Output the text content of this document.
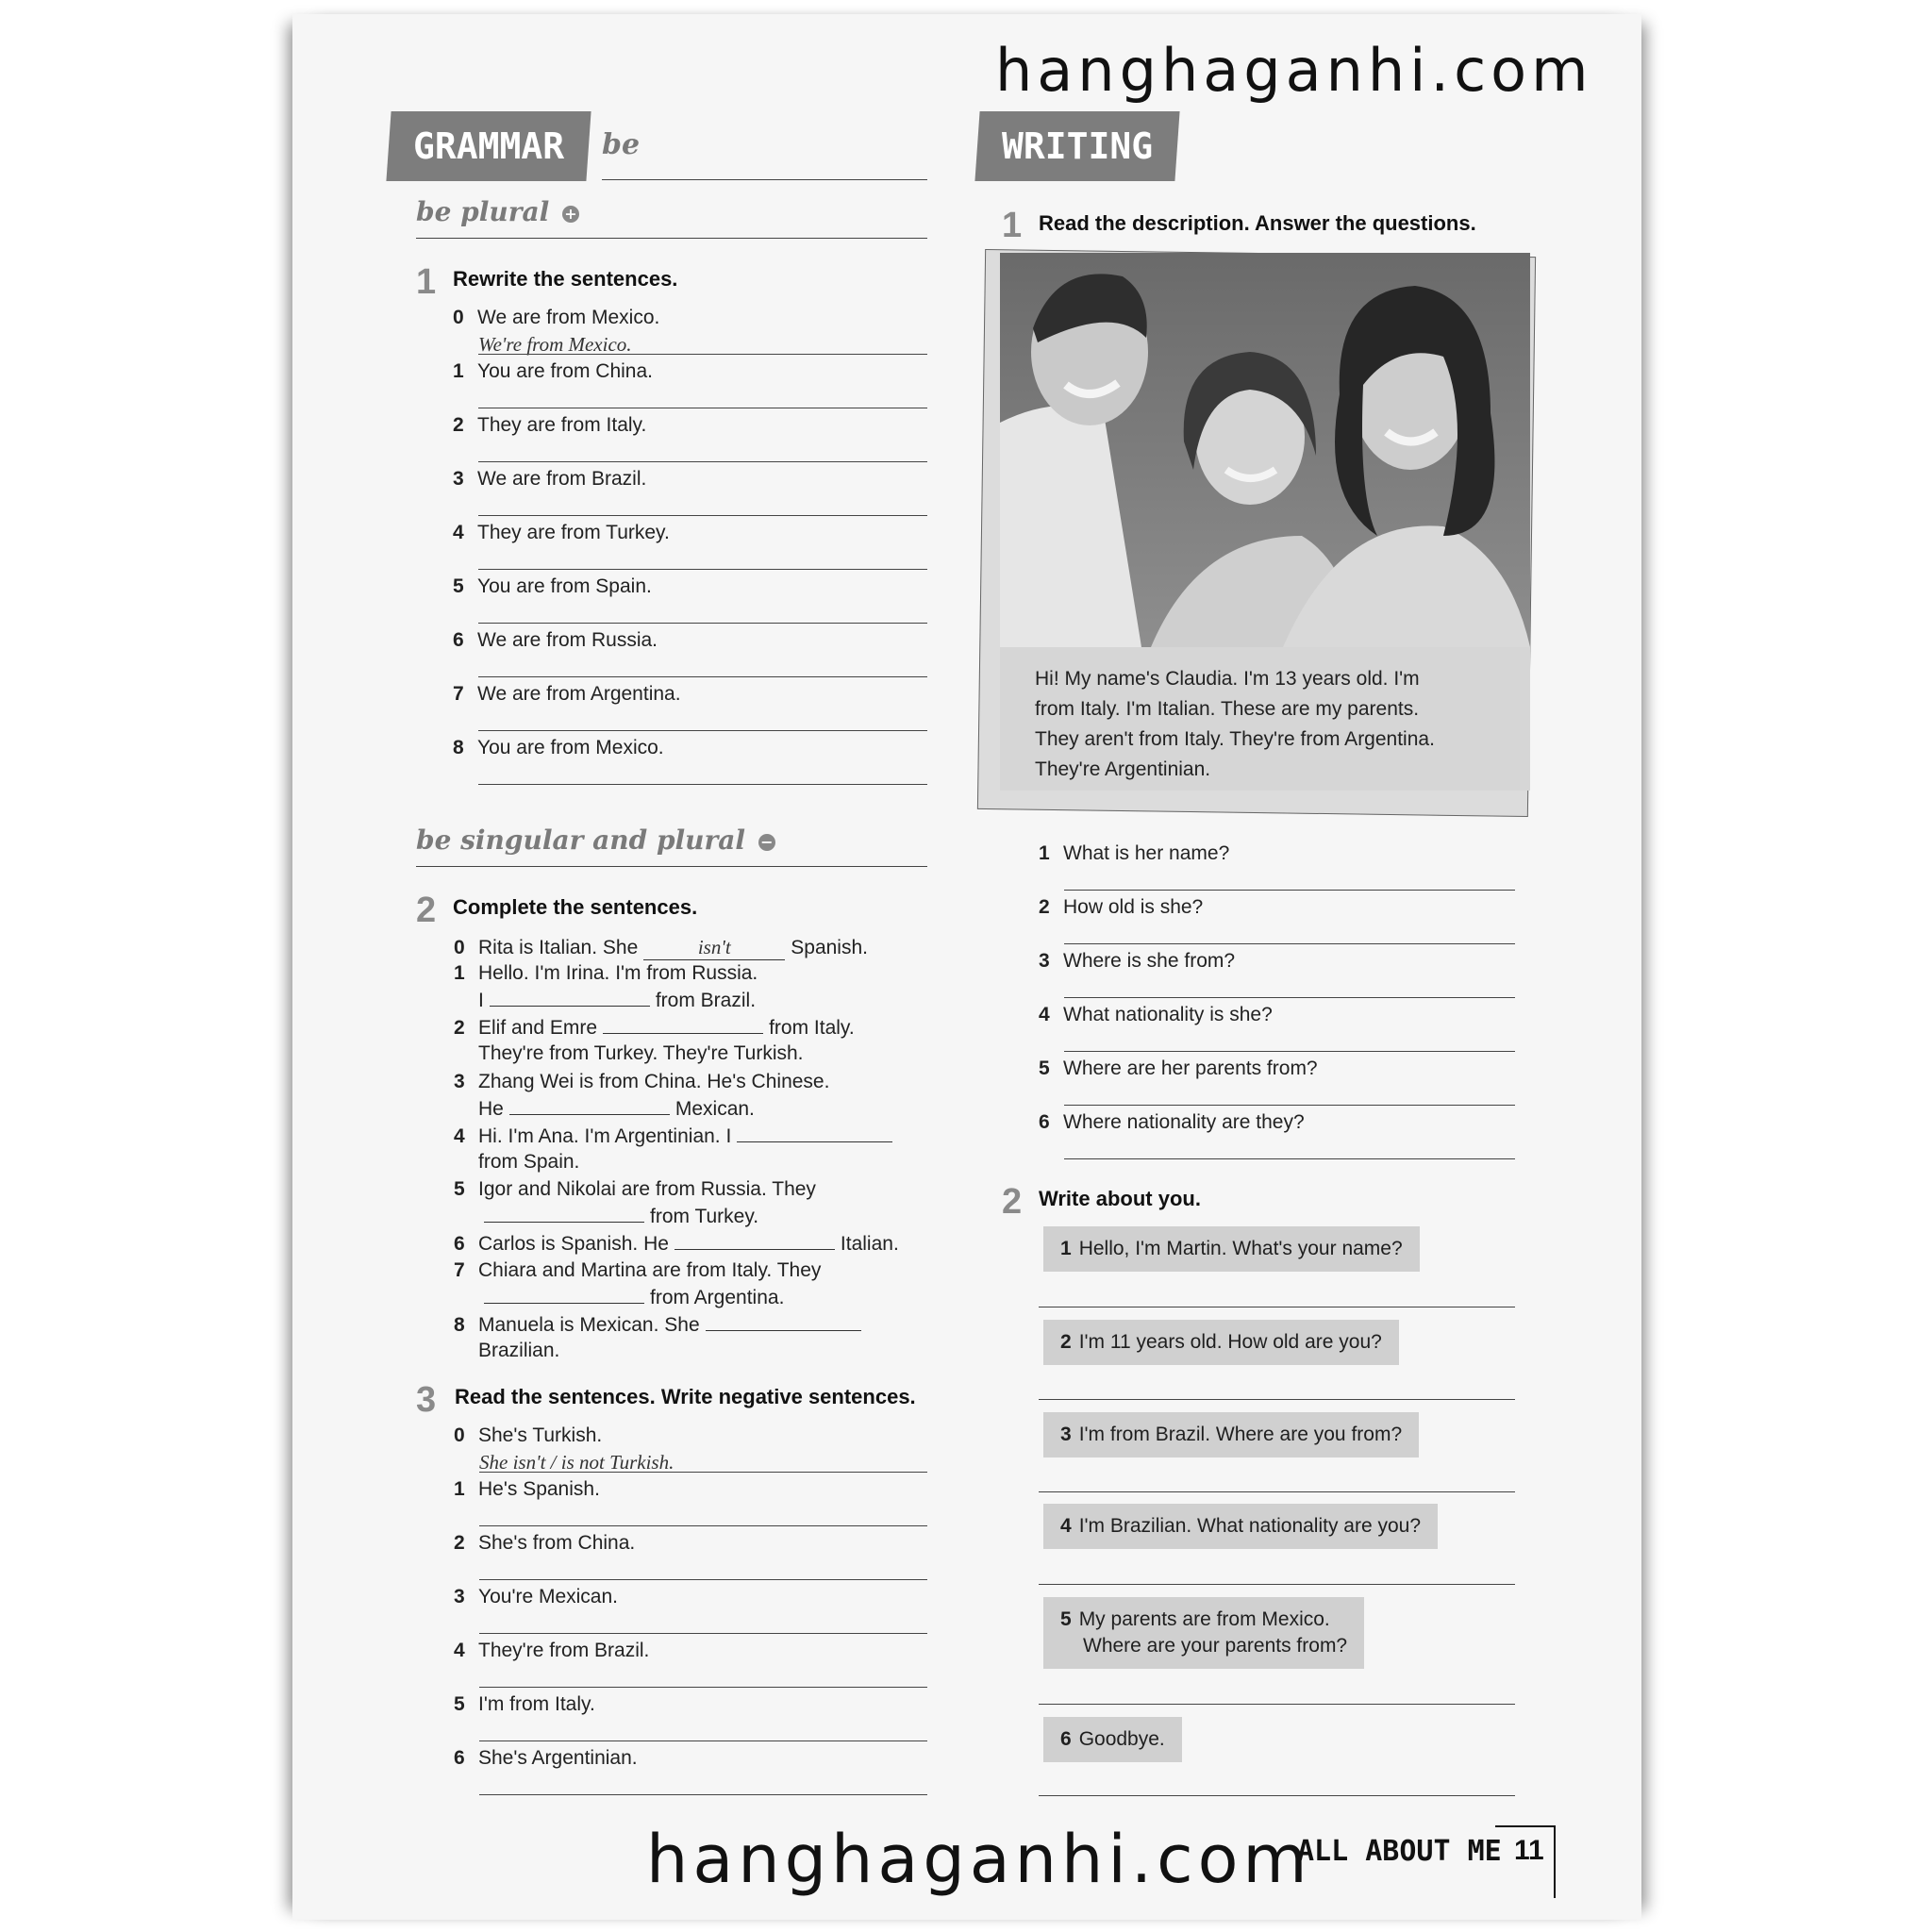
hanghaganhi.com
hanghaganhi.com
GRAMMAR	be
be plural +
1 Rewrite the sentences.
0 We are from Mexico.
We're from Mexico.
1 You are from China.
2 They are from Italy.
3 We are from Brazil.
4 They are from Turkey.
5 You are from Spain.
6 We are from Russia.
7 We are from Argentina.
8 You are from Mexico.
be singular and plural −
2 Complete the sentences.
0 Rita is Italian. She	isn't	Spanish.
1 Hello. I'm Irina. I'm from Russia.
I	from Brazil.
2 Elif and Emre	from Italy.
They're from Turkey. They're Turkish.
3 Zhang Wei is from China. He's Chinese.
He	Mexican.
4 Hi. I'm Ana. I'm Argentinian. I
from Spain.
5 Igor and Nikolai are from Russia. They
from Turkey.
6 Carlos is Spanish. He	Italian.
7 Chiara and Martina are from Italy. They
from Argentina.
8 Manuela is Mexican. She
Brazilian.
3 Read the sentences. Write negative sentences.
0 She's Turkish.
She isn't / is not Turkish.
1 He's Spanish.
2 She's from China.
3 You're Mexican.
4 They're from Brazil.
5 I'm from Italy.
6 She's Argentinian.
WRITING
1 Read the description. Answer the questions.
Hi! My name's Claudia. I'm 13 years old. I'm
from Italy. I'm Italian. These are my parents.
They aren't from Italy. They're from Argentina.
They're Argentinian.
1 What is her name?
2 How old is she?
3 Where is she from?
4 What nationality is she?
5 Where are her parents from?
6 Where nationality are they?
2 Write about you.
1 Hello, I'm Martin. What's your name?
2 I'm 11 years old. How old are you?
3 I'm from Brazil. Where are you from?
4 I'm Brazilian. What nationality are you?
5 My parents are from Mexico.
Where are your parents from?
6 Goodbye.
ALL ABOUT ME 11
